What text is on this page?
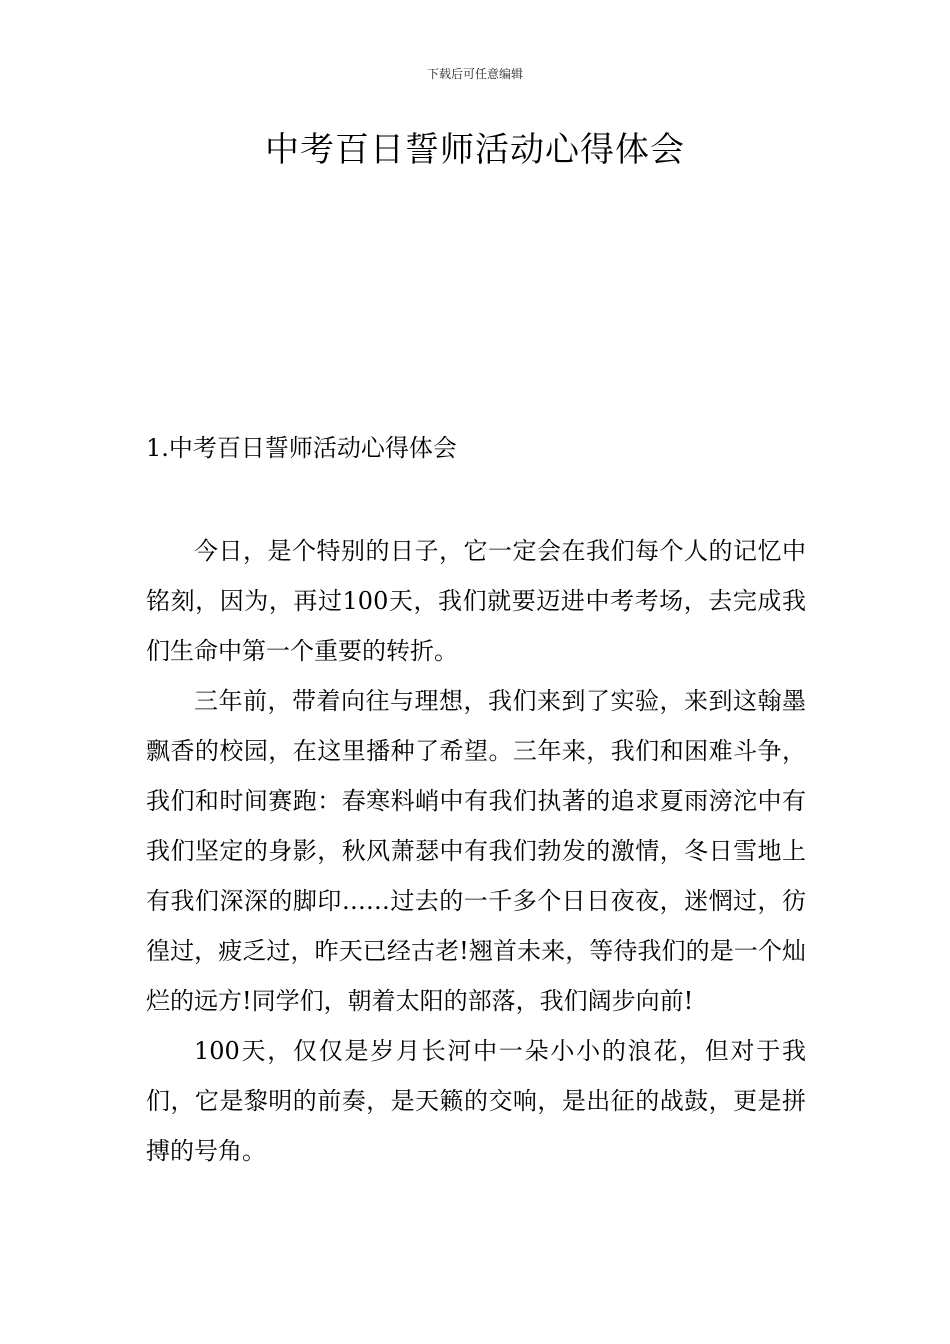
下载后可任意编辑
中考百日誓师活动心得体会
1.中考百日誓师活动心得体会

今日，是个特别的日子，它一定会在我们每个人的记忆中铭刻，因为，再过100天，我们就要迈进中考考场，去完成我们生命中第一个重要的转折。

三年前，带着向往与理想，我们来到了实验，来到这翰墨飘香的校园，在这里播种了希望。三年来，我们和困难斗争，我们和时间赛跑：春寒料峭中有我们执著的追求夏雨滂沱中有我们坚定的身影，秋风萧瑟中有我们勃发的激情，冬日雪地上有我们深深的脚印……过去的一千多个日日夜夜，迷惘过，彷徨过，疲乏过，昨天已经古老!翘首未来，等待我们的是一个灿烂的远方!同学们，朝着太阳的部落，我们阔步向前!

100天，仅仅是岁月长河中一朵小小的浪花，但对于我们，它是黎明的前奏，是天籁的交响，是出征的战鼓，更是拼搏的号角。
